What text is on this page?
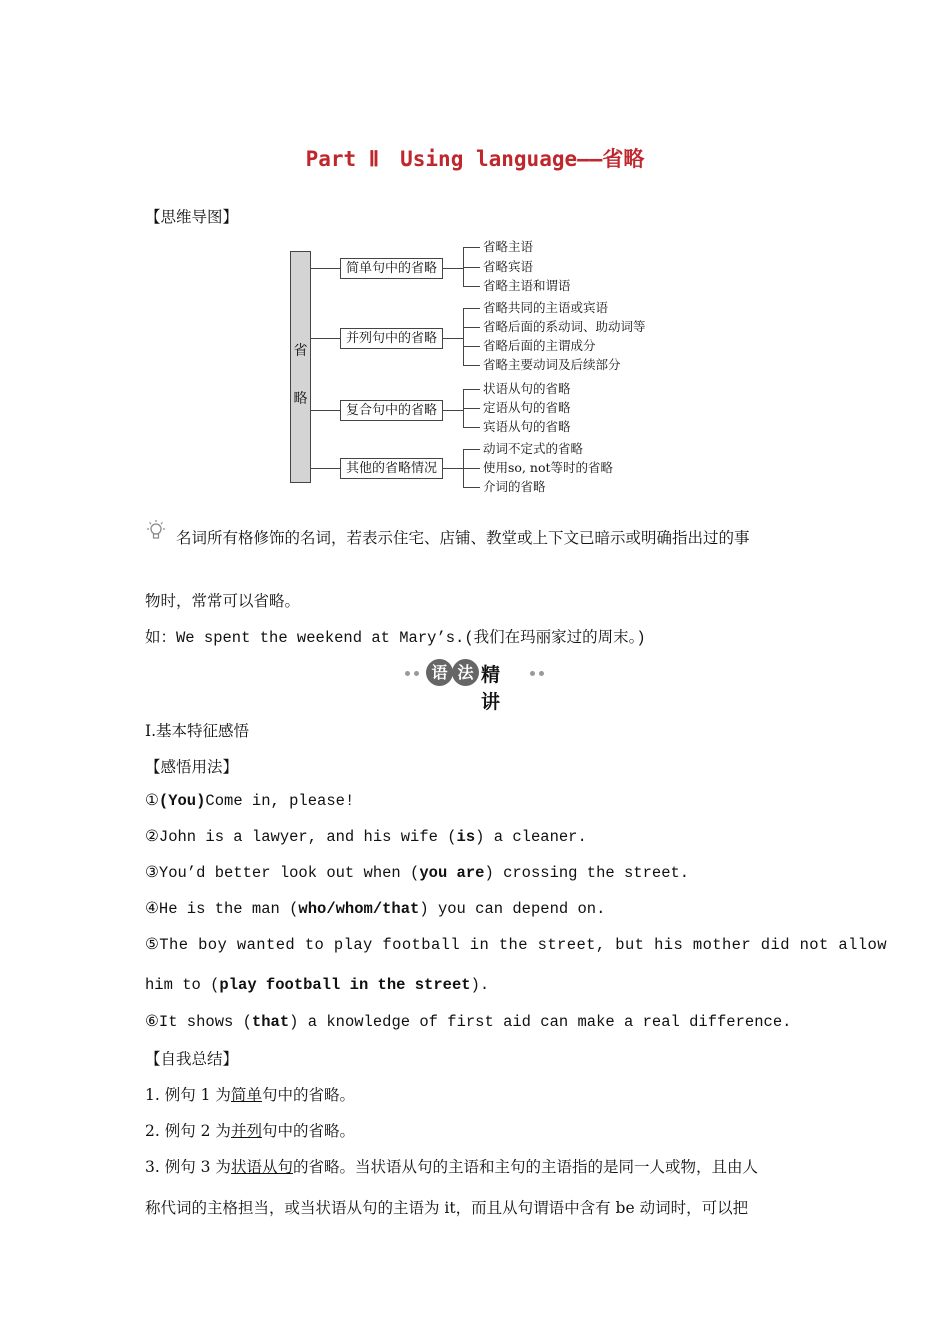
Part Ⅱ　Using language——省略
【思维导图】
省
略
简单句中的省略
并列句中的省略
复合句中的省略
其他的省略情况
省略主语
省略宾语
省略主语和谓语
省略共同的主语或宾语
省略后面的系动词、助动词等
省略后面的主谓成分
省略主要动词及后续部分
状语从句的省略
定语从句的省略
宾语从句的省略
动词不定式的省略
使用so, not等时的省略
介词的省略
名词所有格修饰的名词，若表示住宅、店铺、教堂或上下文已暗示或明确指出过的事
物时，常常可以省略。
如：We spent the weekend at Mary’s.(我们在玛丽家过的周末。)
语 法 精讲
Ⅰ.基本特征感悟
【感悟用法】
①(You)Come in, please!
②John is a lawyer, and his wife (is) a cleaner.
③You’d better look out when (you are) crossing the street.
④He is the man (who/whom/that) you can depend on.
⑤The boy wanted to play football in the street, but his mother did not allow
him to (play football in the street).
⑥It shows (that) a knowledge of first aid can make a real difference.
【自我总结】
1. 例句 1 为简单句中的省略。
2. 例句 2 为并列句中的省略。
3. 例句 3 为状语从句的省略。当状语从句的主语和主句的主语指的是同一人或物，且由人
称代词的主格担当，或当状语从句的主语为 it，而且从句谓语中含有 be 动词时，可以把
